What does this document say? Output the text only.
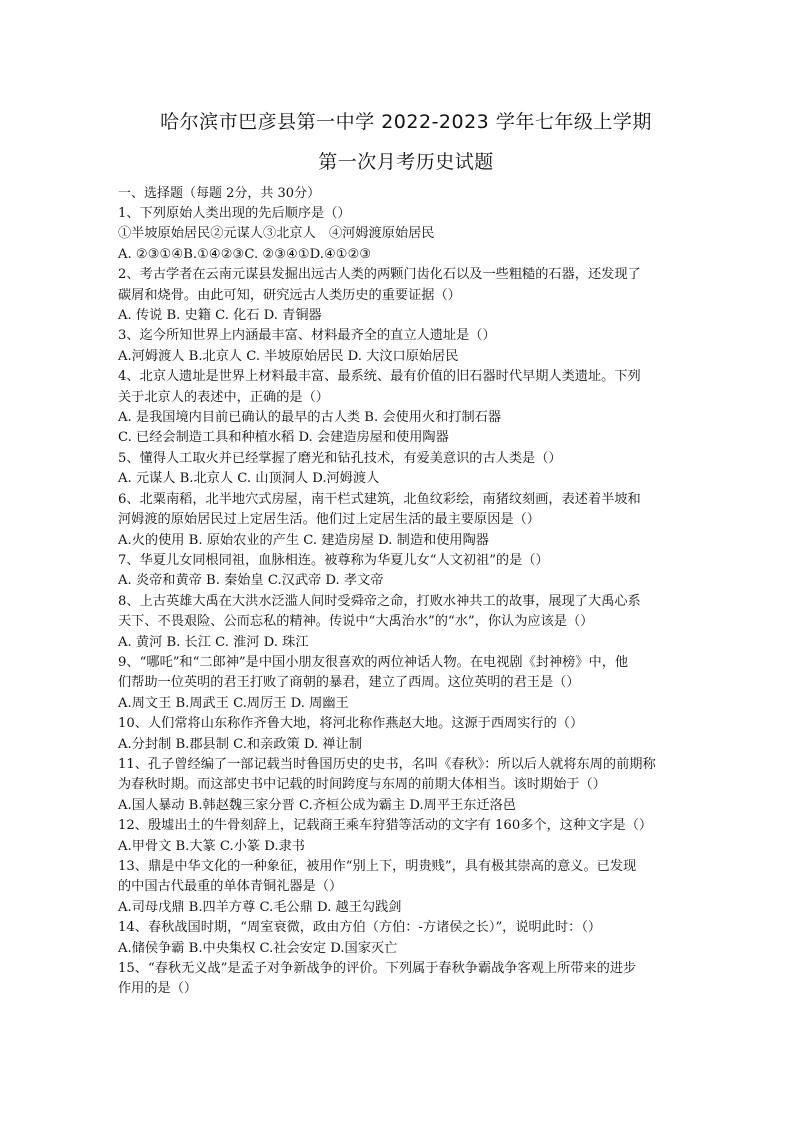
哈尔滨市巴彦县第一中学 2022-2023 学年七年级上学期

第一次月考历史试题

一、选择题（每题 2分，共 30分）

1、下列原始人类出现的先后顺序是（）

①半坡原始居民②元谋人③北京人　④河姆渡原始居民

A. ②③①④B.①④②③C. ②③④①D.④①②③

2、考古学者在云南元谋县发掘出远古人类的两颗门齿化石以及一些粗糙的石器，还发现了

碳屑和烧骨。由此可知，研究远古人类历史的重要证据（）

A. 传说 B. 史籍 C. 化石 D. 青铜器

3、迄今所知世界上内涵最丰富、材料最齐全的直立人遗址是（）

A.河姆渡人 B.北京人 C. 半坡原始居民 D. 大汶口原始居民

4、北京人遗址是世界上材料最丰富、最系统、最有价值的旧石器时代早期人类遗址。下列

关于北京人的表述中，正确的是（）

A. 是我国境内目前已确认的最早的古人类 B. 会使用火和打制石器

C. 已经会制造工具和种植水稻 D. 会建造房屋和使用陶器

5、懂得人工取火并已经掌握了磨光和钻孔技术，有爱美意识的古人类是（）

A. 元谋人 B.北京人 C. 山顶洞人 D.河姆渡人

6、北粟南稻，北半地穴式房屋，南干栏式建筑，北鱼纹彩绘，南猪纹刻画，表述着半坡和

河姆渡的原始居民过上定居生活。他们过上定居生活的最主要原因是（）

A.火的使用 B. 原始农业的产生 C. 建造房屋 D. 制造和使用陶器

7、华夏儿女同根同祖，血脉相连。被尊称为华夏儿女“人文初祖”的是（）

A. 炎帝和黄帝 B. 秦始皇 C.汉武帝 D. 孝文帝

8、上古英雄大禹在大洪水泛滥人间时受舜帝之命，打败水神共工的故事，展现了大禹心系

天下、不畏艰险、公而忘私的精神。传说中“大禹治水”的“水”，你认为应该是（）

A. 黄河 B. 长江 C. 淮河 D. 珠江

9、“哪吒”和“二郎神”是中国小朋友很喜欢的两位神话人物。在电视剧《封神榜》中，他

们帮助一位英明的君王打败了商朝的暴君，建立了西周。这位英明的君王是（）

A.周文王 B.周武王 C.周厉王 D. 周幽王

10、人们常将山东称作齐鲁大地，将河北称作燕赵大地。这源于西周实行的（）

A.分封制 B.郡县制 C.和亲政策 D. 禅让制

11、孔子曾经编了一部记载当时鲁国历史的史书，名叫《春秋》：所以后人就将东周的前期称

为春秋时期。而这部史书中记载的时间跨度与东周的前期大体相当。该时期始于（）

A.国人暴动 B.韩赵魏三家分晋 C.齐桓公成为霸主 D.周平王东迁洛邑

12、殷墟出土的牛骨刻辞上，记载商王乘车狩猎等活动的文字有 160多个，这种文字是（）

A.甲骨文 B.大篆 C.小篆 D.隶书

13、鼎是中华文化的一种象征，被用作“别上下，明贵贱”，具有极其崇高的意义。已发现

的中国古代最重的单体青铜礼器是（）

A.司母戊鼎 B.四羊方尊 C.毛公鼎 D. 越王勾践剑

14、春秋战国时期，“周室衰微，政由方伯（方伯：-方诸侯之长）”，说明此时：（）

A.储侯争霸 B.中央集权 C.社会安定 D.国家灭亡

15、“春秋无义战”是孟子对争新战争的评价。下列属于春秋争霸战争客观上所带来的进步

作用的是（）
